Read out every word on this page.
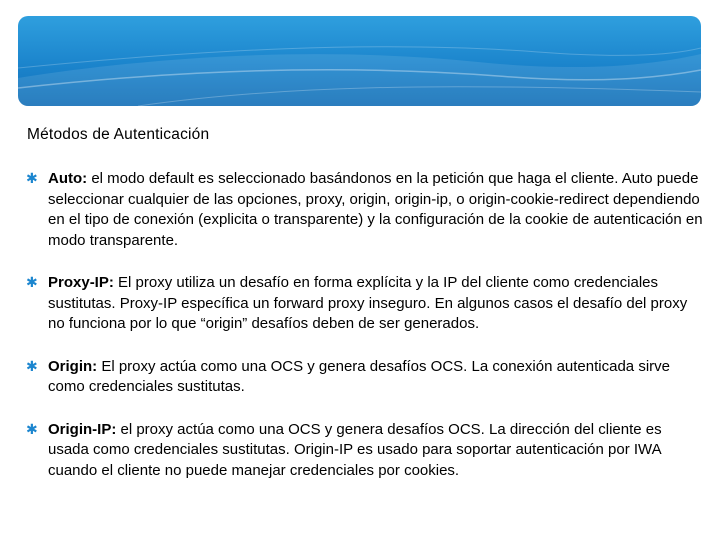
Métodos de Autenticación
✱ Auto: el modo default es seleccionado basándonos en la petición que haga el cliente. Auto puede seleccionar cualquier de las opciones, proxy, origin, origin-ip, o origin-cookie-redirect dependiendo en el tipo de conexión (explicita o transparente) y la configuración de la cookie de autenticación en modo transparente.
✱ Proxy-IP: El proxy utiliza un desafío en forma explícita y la IP del cliente como credenciales sustitutas. Proxy-IP específica un forward proxy inseguro. En algunos casos el desafío del proxy no funciona por lo que “origin” desafíos deben de ser generados.
✱ Origin: El proxy actúa como una OCS y genera desafíos OCS. La conexión autenticada sirve como credenciales sustitutas.
✱ Origin-IP: el proxy actúa como una OCS y genera desafíos OCS. La dirección del cliente es usada como credenciales sustitutas. Origin-IP es usado para soportar autenticación por IWA cuando el cliente no puede manejar credenciales por cookies.
